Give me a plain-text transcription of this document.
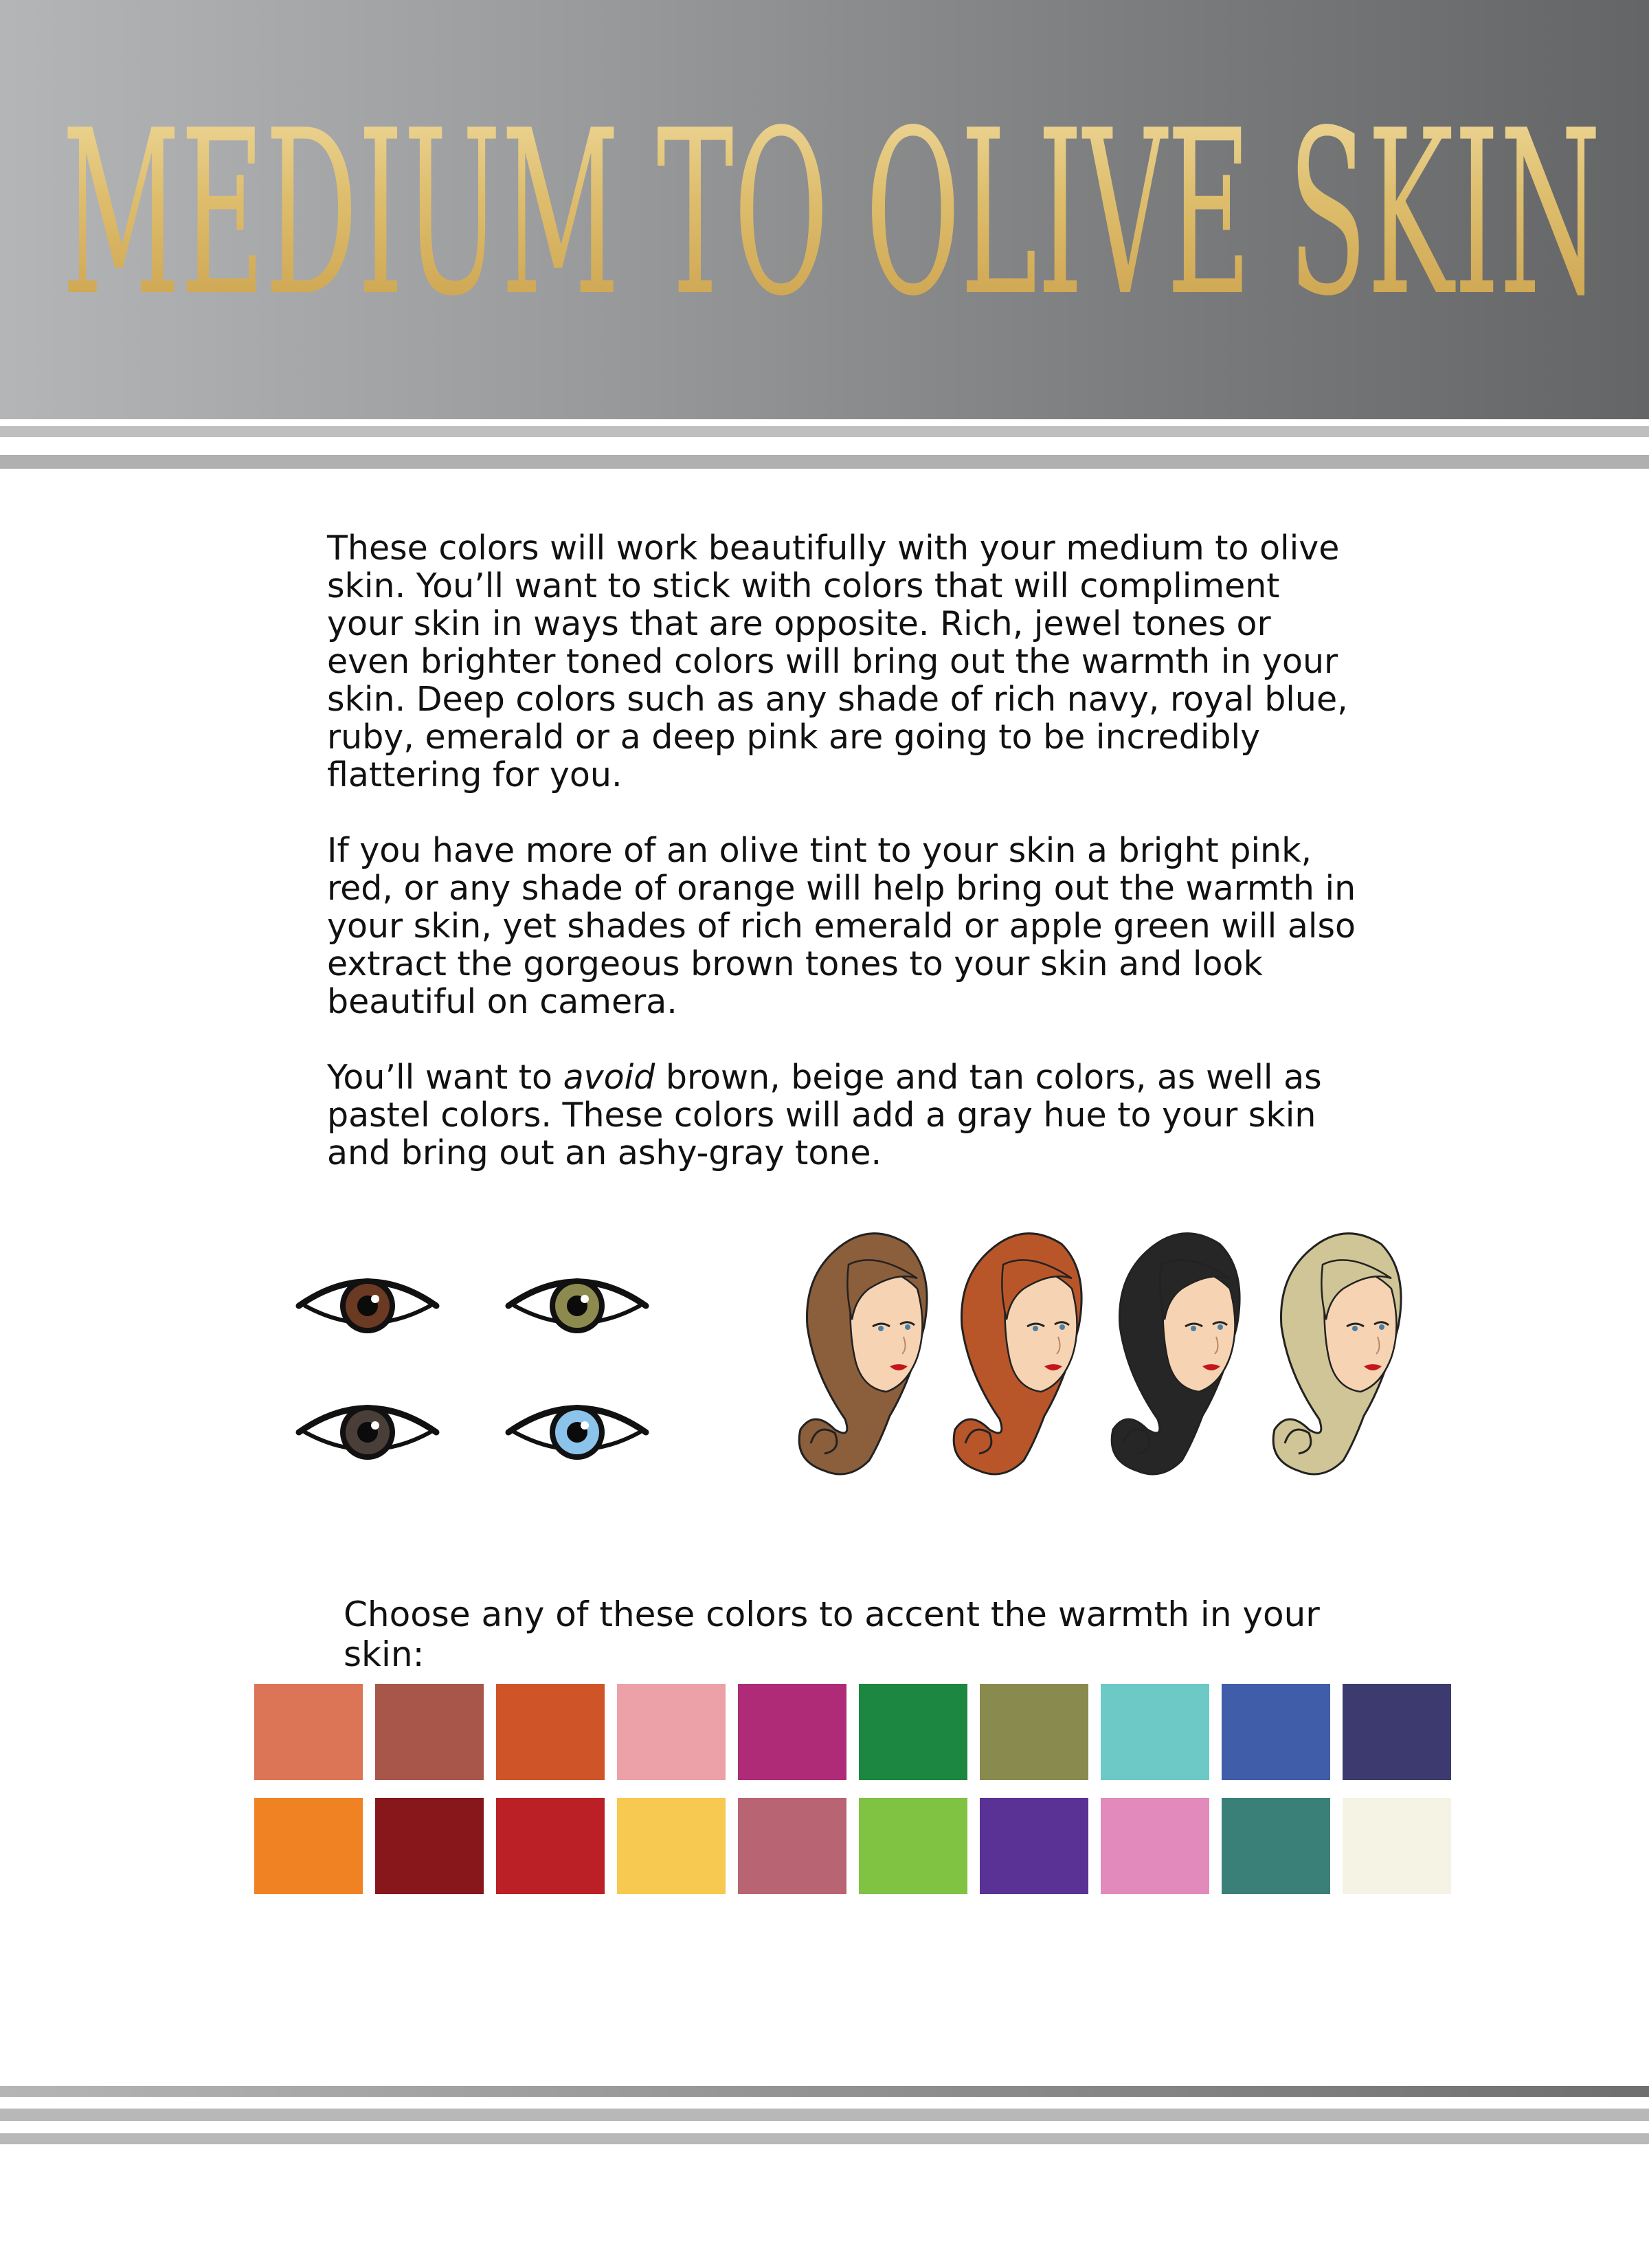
MEDIUM TO OLIVE SKIN

These colors will work beautifully with your medium to olive skin. You’ll want to stick with colors that will compliment your skin in ways that are opposite. Rich, jewel tones or even brighter toned colors will bring out the warmth in your skin. Deep colors such as any shade of rich navy, royal blue, ruby, emerald or a deep pink are going to be incredibly flattering for you.

If you have more of an olive tint to your skin a bright pink, red, or any shade of orange will help bring out the warmth in your skin, yet shades of rich emerald or apple green will also extract the gorgeous brown tones to your skin and look beautiful on camera.

You’ll want to avoid brown, beige and tan colors, as well as pastel colors. These colors will add a gray hue to your skin and bring out an ashy-gray tone.

Choose any of these colors to accent the warmth in your skin:
